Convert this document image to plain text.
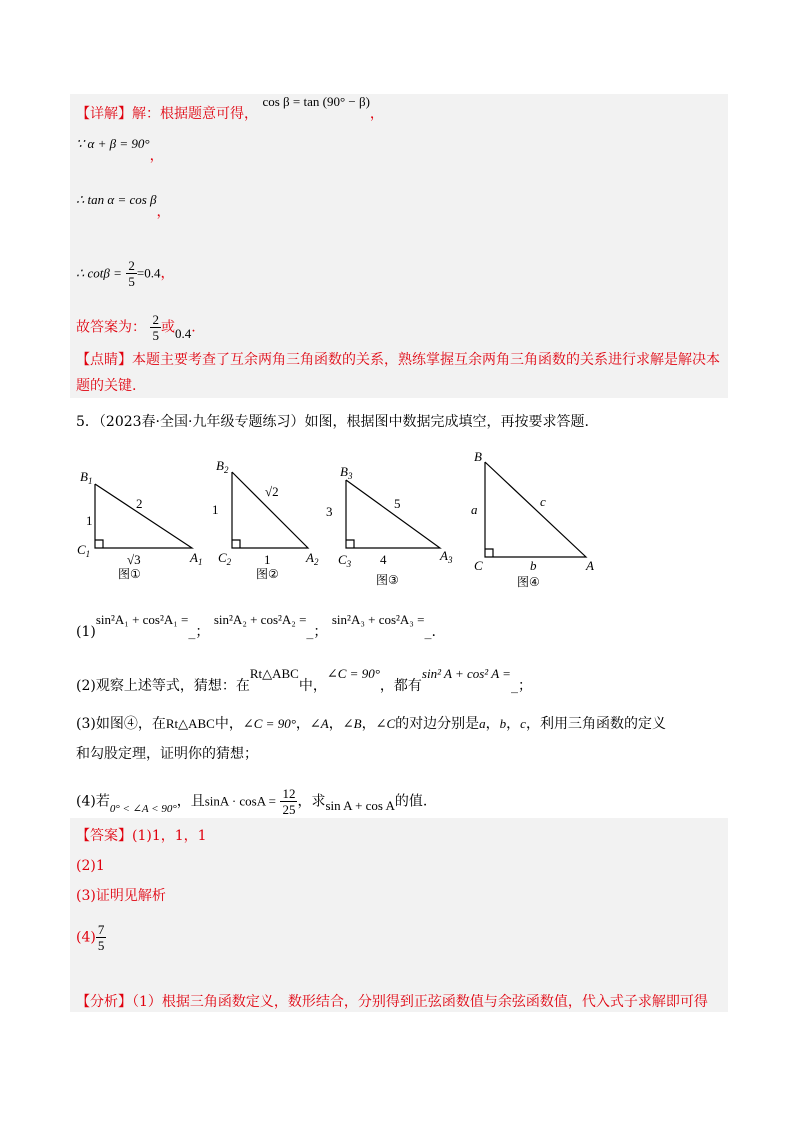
【详解】解：根据题意可得， cos β = tan (90° − β)，
∵ α + β = 90°，
∴ tan α = cos β，
∴ $\cot\beta = \frac{2}{5} =0.4$，
故答案为： $\frac{2}{5}$ 或0.4.
【点睛】本题主要考查了互余两角三角函数的关系，熟练掌握互余两角三角函数的关系进行求解是解决本
题的关键.
5．（2023春·全国·九年级专题练习）如图，根据图中数据完成填空，再按要求答题.
$B_1$
1
2
$C_1$	√3	$A_1$
图①
$B_2$
1
√2
$C_2$	1	$A_2$
图②
$B_3$
3
5
$C_3$ 4	$A_3$
图③
B
a
c
C	b	A
图④
(1)sin²A₁ + cos²A₁ =_； sin²A₂ + cos²A₂ =_； sin²A₃ + cos²A₃ =_.
(2)观察上述等式，猜想：在Rt△ABC中，∠C = 90°，都有sin² A + cos² A =_；
(3)如图④，在Rt△ABC中，∠C = 90°，∠A，∠B，∠C的对边分别是a，b，c，利用三角函数的定义
和勾股定理，证明你的猜想；
(4)若$_{0^\circ < \angle A < 90^\circ}$，且$\sin A \cdot \cos A = \frac{12}{25}$ ，求sin A + cos A的值.
【答案】(1)1，1，1
(2)1
(3)证明见解析
$(4) \frac{7}{5}$
【分析】（1）根据三角函数定义，数形结合，分别得到正弦函数值与余弦函数值，代入式子求解即可得
